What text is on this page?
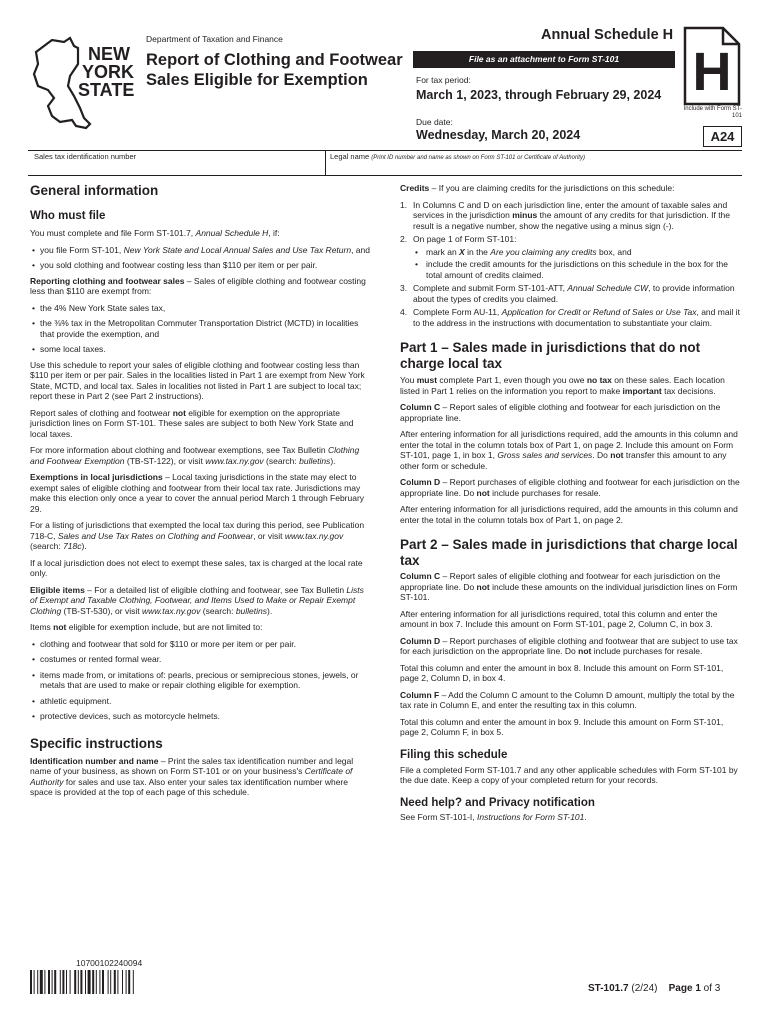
NEW
YORK
STATE
Department of Taxation and Finance
Report of Clothing and Footwear
Sales Eligible for Exemption
Annual Schedule H
File as an attachment to Form ST-101
For tax period:
March 1, 2023, through February 29, 2024
Due date:
Wednesday, March 20, 2024
H
Include with Form ST-101
A24
Sales tax identification number	Legal name (Print ID number and name as shown on Form ST-101 or Certificate of Authority)
General information
Who must file

You must complete and file Form ST-101.7, Annual Schedule H, if:

• you file Form ST-101, New York State and Local Annual Sales and Use Tax Return, and
• you sold clothing and footwear costing less than $110 per item or per pair.

Reporting clothing and footwear sales – Sales of eligible clothing and footwear costing less than $110 are exempt from:

• the 4% New York State sales tax,
• the ⅜% tax in the Metropolitan Commuter Transportation District (MCTD) in localities that provide the exemption, and
• some local taxes.

Use this schedule to report your sales of eligible clothing and footwear costing less than $110 per item or per pair. Sales in the localities listed in Part 1 are exempt from New York State, MCTD, and local tax. Sales in localities not listed in Part 1 are subject to local tax; report these in Part 2 (see Part 2 instructions).

Report sales of clothing and footwear not eligible for exemption on the appropriate jurisdiction lines on Form ST-101. These sales are subject to both New York State and local taxes.

For more information about clothing and footwear exemptions, see Tax Bulletin Clothing and Footwear Exemption (TB-ST-122), or visit www.tax.ny.gov (search: bulletins).

Exemptions in local jurisdictions – Local taxing jurisdictions in the state may elect to exempt sales of eligible clothing and footwear from their local tax rate. Jurisdictions may make this election only once a year to cover the annual period March 1 through February 29.

For a listing of jurisdictions that exempted the local tax during this period, see Publication 718-C, Sales and Use Tax Rates on Clothing and Footwear, or visit www.tax.ny.gov (search: 718c).

If a local jurisdiction does not elect to exempt these sales, tax is charged at the local rate only.

Eligible items – For a detailed list of eligible clothing and footwear, see Tax Bulletin Lists of Exempt and Taxable Clothing, Footwear, and Items Used to Make or Repair Exempt Clothing (TB-ST-530), or visit www.tax.ny.gov (search: bulletins).

Items not eligible for exemption include, but are not limited to:

• clothing and footwear that sold for $110 or more per item or per pair.
• costumes or rented formal wear.
• items made from, or imitations of: pearls, precious or semiprecious stones, jewels, or metals that are used to make or repair clothing eligible for exemption.
• athletic equipment.
• protective devices, such as motorcycle helmets.
Specific instructions

Identification number and name – Print the sales tax identification number and legal name of your business, as shown on Form ST-101 or on your business's Certificate of Authority for sales and use tax. Also enter your sales tax identification number where space is provided at the top of each page of this schedule.

Credits – If you are claiming credits for the jurisdictions on this schedule:

1. In Columns C and D on each jurisdiction line, enter the amount of taxable sales and services in the jurisdiction minus the amount of any credits for that jurisdiction. If the result is a negative number, show the negative using a minus sign (-).
2. On page 1 of Form ST-101:
• mark an X in the Are you claiming any credits box, and
• include the credit amounts for the jurisdictions on this schedule in the box for the total amount of credits claimed.
3. Complete and submit Form ST-101-ATT, Annual Schedule CW, to provide information about the types of credits you claimed.
4. Complete Form AU-11, Application for Credit or Refund of Sales or Use Tax, and mail it to the address in the instructions with documentation to substantiate your claim.
Part 1 – Sales made in jurisdictions that do not charge local tax

You must complete Part 1, even though you owe no tax on these sales. Each location listed in Part 1 relies on the information you report to make important tax decisions.

Column C – Report sales of eligible clothing and footwear for each jurisdiction on the appropriate line.

After entering information for all jurisdictions required, add the amounts in this column and enter the total in the column totals box of Part 1, on page 2. Include this amount on Form ST-101, page 1, in box 1, Gross sales and services. Do not transfer this amount to any other form or schedule.

Column D – Report purchases of eligible clothing and footwear for each jurisdiction on the appropriate line. Do not include purchases for resale.

After entering information for all jurisdictions required, add the amounts in this column and enter the total in the column totals box of Part 1, on page 2.

Part 2 – Sales made in jurisdictions that charge local tax

Column C – Report sales of eligible clothing and footwear for each jurisdiction on the appropriate line. Do not include these amounts on the individual jurisdiction lines on Form ST-101.

After entering information for all jurisdictions required, total this column and enter the amount in box 7. Include this amount on Form ST-101, page 2, Column C, in box 3.

Column D – Report purchases of eligible clothing and footwear that are subject to use tax for each jurisdiction on the appropriate line. Do not include purchases for resale.

Total this column and enter the amount in box 8. Include this amount on Form ST-101, page 2, Column D, in box 4.

Column F – Add the Column C amount to the Column D amount, multiply the total by the tax rate in Column E, and enter the resulting tax in this column.

Total this column and enter the amount in box 9. Include this amount on Form ST-101, page 2, Column F, in box 5.

Filing this schedule

File a completed Form ST-101.7 and any other applicable schedules with Form ST-101 by the due date. Keep a copy of your completed return for your records.

Need help? and Privacy notification

See Form ST-101-I, Instructions for Form ST-101.

10700102240094
ST-101.7 (2/24) Page 1 of 3
